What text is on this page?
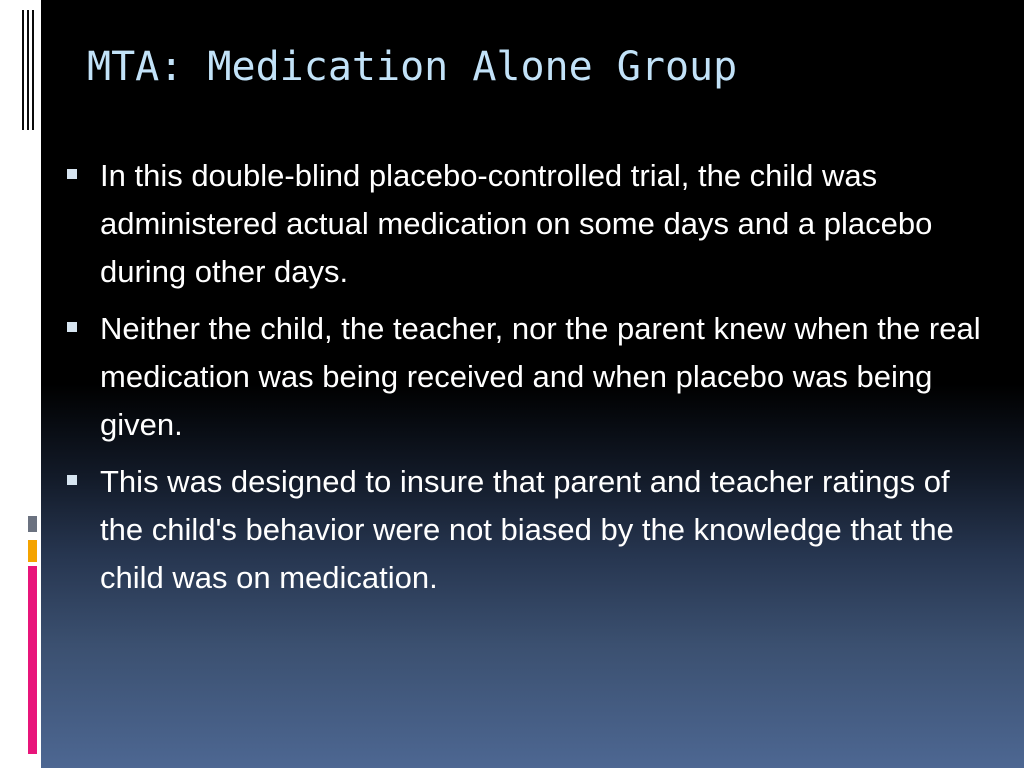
MTA: Medication Alone Group
In this double-blind placebo-controlled trial, the child was administered actual medication on some days and a placebo during other days.
Neither the child, the teacher, nor the parent knew when the real medication was being received and when placebo was being given.
This was designed to insure that parent and teacher ratings of the child's behavior were not biased by the knowledge that the child was on medication.
